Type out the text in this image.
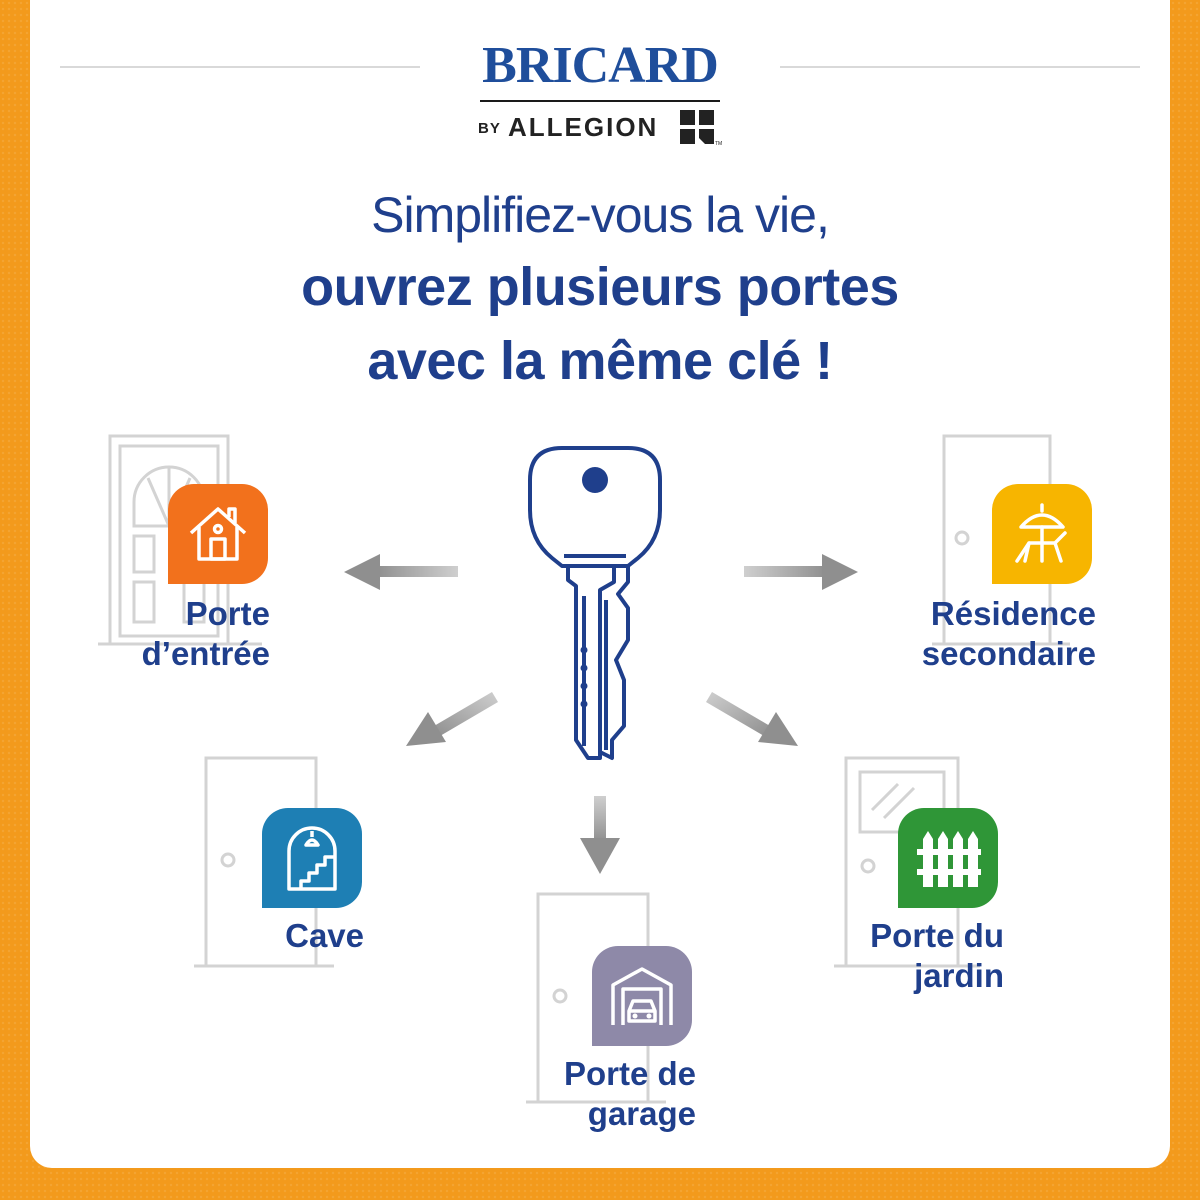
BRICARD
BY ALLEGION
TM
Simplifiez-vous la vie,
ouvrez plusieurs portes
avec la même clé !
Porte
d’entrée
Résidence
secondaire
Cave
Porte de
garage
Porte du
jardin
